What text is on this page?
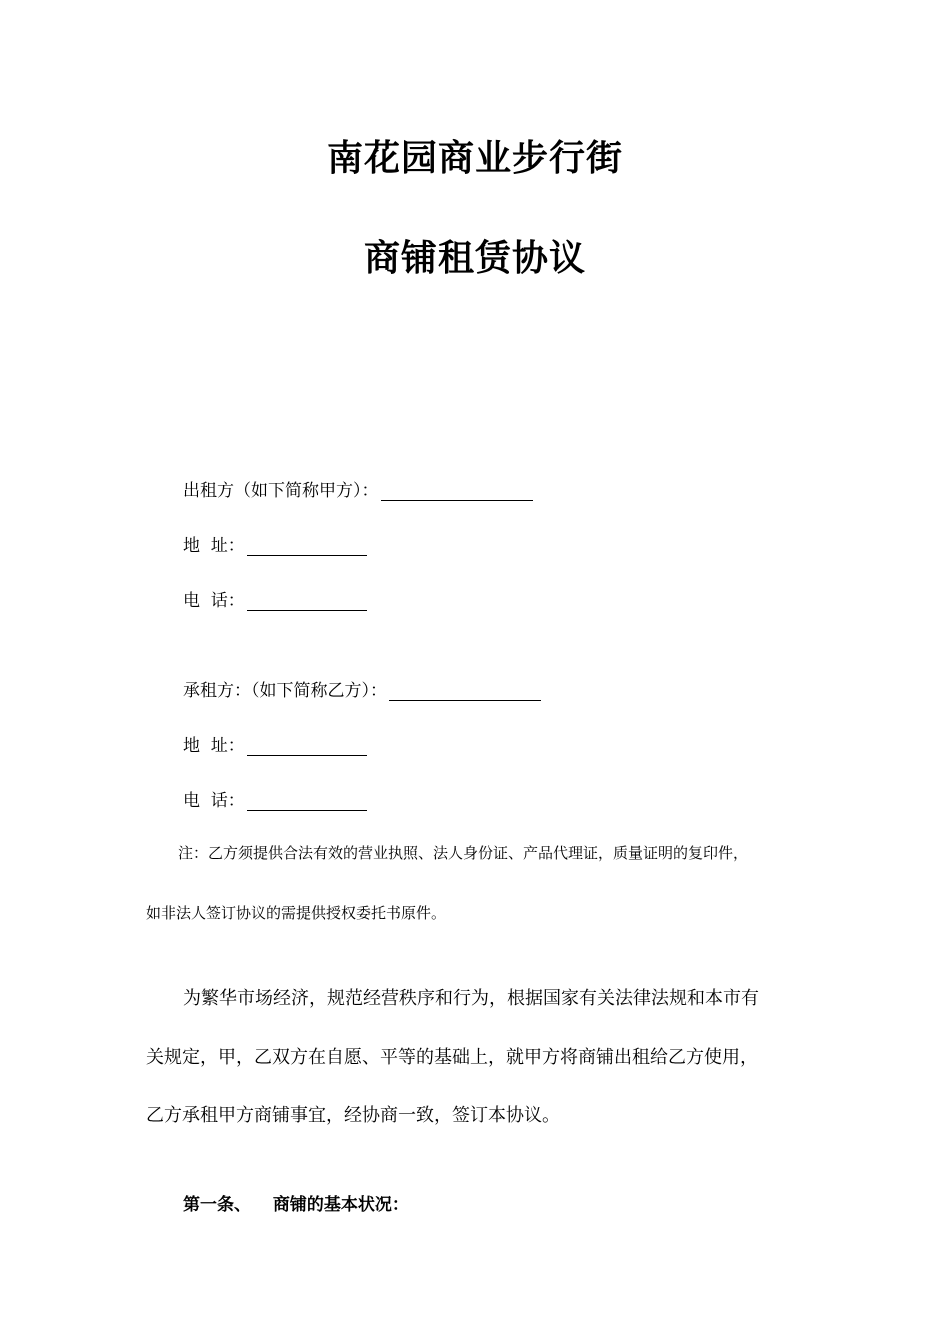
南花园商业步行街
商铺租赁协议
出租方（如下简称甲方）：
地  址：
电  话：
承租方：（如下简称乙方）：
地  址：
电  话：
注：乙方须提供合法有效的营业执照、法人身份证、产品代理证，质量证明的复印件，
如非法人签订协议的需提供授权委托书原件。
为繁华市场经济，规范经营秩序和行为，根据国家有关法律法规和本市有
关规定，甲，乙双方在自愿、平等的基础上，就甲方将商铺出租给乙方使用，
乙方承租甲方商铺事宜，经协商一致，签订本协议。
第一条、 商铺的基本状况：
